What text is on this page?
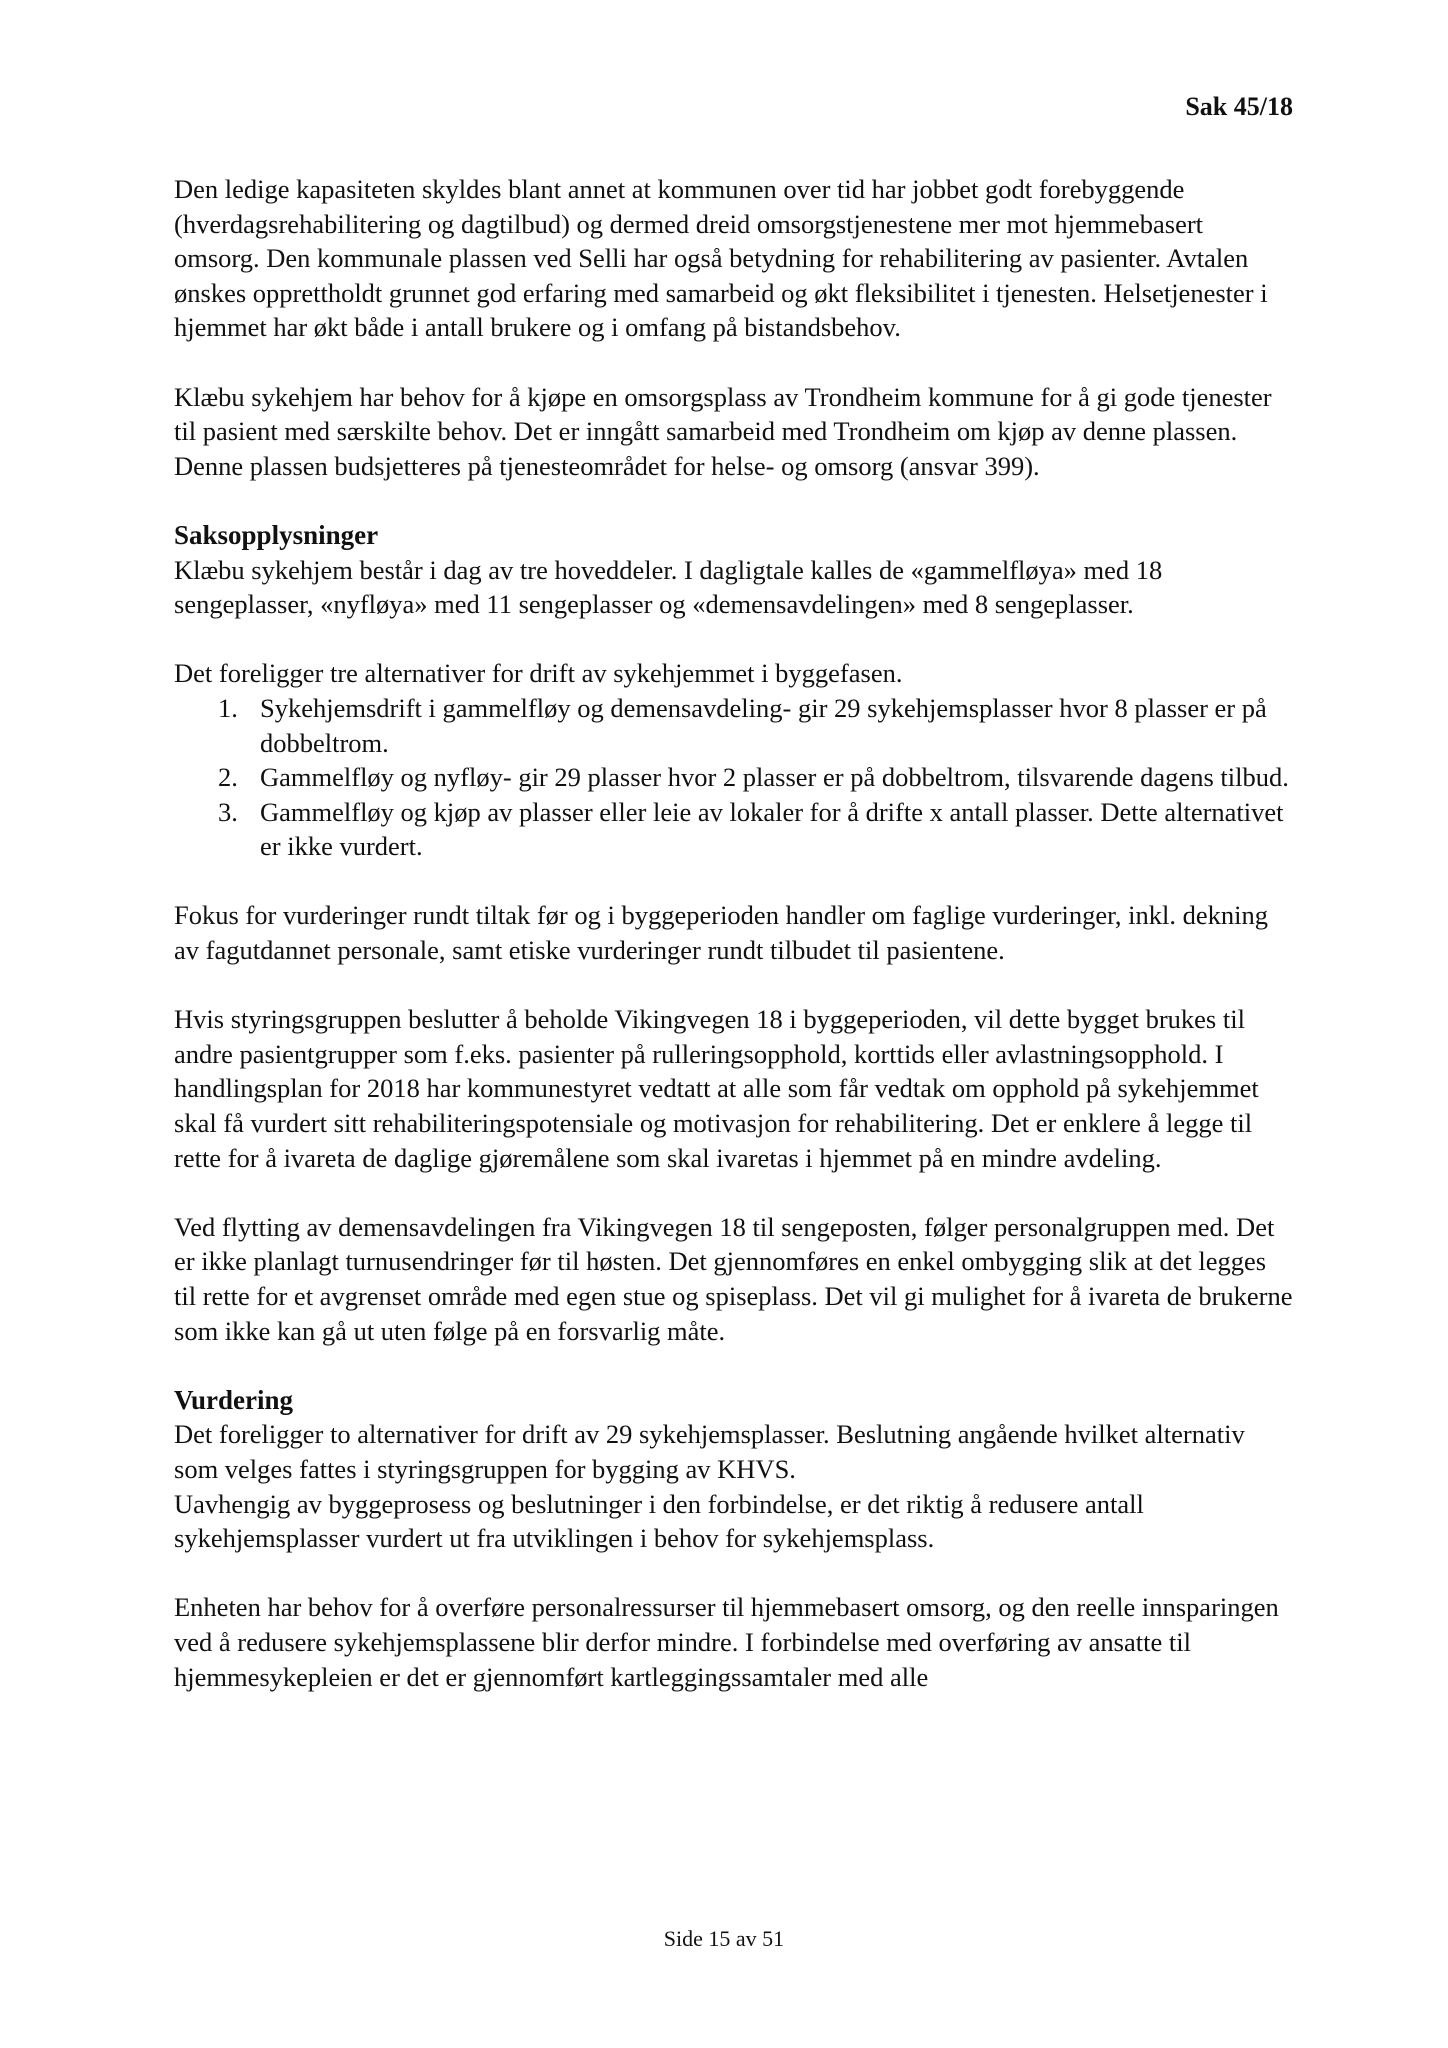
Sak 45/18

Den ledige kapasiteten skyldes blant annet at kommunen over tid har jobbet godt forebyggende (hverdagsrehabilitering og dagtilbud) og dermed dreid omsorgstjenestene mer mot hjemmebasert omsorg. Den kommunale plassen ved Selli har også betydning for rehabilitering av pasienter. Avtalen ønskes opprettholdt grunnet god erfaring med samarbeid og økt fleksibilitet i tjenesten. Helsetjenester i hjemmet har økt både i antall brukere og i omfang på bistandsbehov.

Klæbu sykehjem har behov for å kjøpe en omsorgsplass av Trondheim kommune for å gi gode tjenester til pasient med særskilte behov. Det er inngått samarbeid med Trondheim om kjøp av denne plassen. Denne plassen budsjetteres på tjenesteområdet for helse- og omsorg (ansvar 399).

Saksopplysninger

Klæbu sykehjem består i dag av tre hoveddeler. I dagligtale kalles de «gammelfløya» med 18 sengeplasser, «nyfløya» med 11 sengeplasser og «demensavdelingen» med 8 sengeplasser.

Det foreligger tre alternativer for drift av sykehjemmet i byggefasen.

1. Sykehjemsdrift i gammelfløy og demensavdeling- gir 29 sykehjemsplasser hvor 8 plasser er på dobbeltrom.
2. Gammelfløy og nyfløy- gir 29 plasser hvor 2 plasser er på dobbeltrom, tilsvarende dagens tilbud.
3. Gammelfløy og kjøp av plasser eller leie av lokaler for å drifte x antall plasser. Dette alternativet er ikke vurdert.

Fokus for vurderinger rundt tiltak før og i byggeperioden handler om faglige vurderinger, inkl. dekning av fagutdannet personale, samt etiske vurderinger rundt tilbudet til pasientene.

Hvis styringsgruppen beslutter å beholde Vikingvegen 18 i byggeperioden, vil dette bygget brukes til andre pasientgrupper som f.eks. pasienter på rulleringsopphold, korttids eller avlastningsopphold. I handlingsplan for 2018 har kommunestyret vedtatt at alle som får vedtak om opphold på sykehjemmet skal få vurdert sitt rehabiliteringspotensiale og motivasjon for rehabilitering. Det er enklere å legge til rette for å ivareta de daglige gjøremålene som skal ivaretas i hjemmet på en mindre avdeling.

Ved flytting av demensavdelingen fra Vikingvegen 18 til sengeposten, følger personalgruppen med. Det er ikke planlagt turnusendringer før til høsten. Det gjennomføres en enkel ombygging slik at det legges til rette for et avgrenset område med egen stue og spiseplass. Det vil gi mulighet for å ivareta de brukerne som ikke kan gå ut uten følge på en forsvarlig måte.

Vurdering

Det foreligger to alternativer for drift av 29 sykehjemsplasser. Beslutning angående hvilket alternativ som velges fattes i styringsgruppen for bygging av KHVS.

Uavhengig av byggeprosess og beslutninger i den forbindelse, er det riktig å redusere antall sykehjemsplasser vurdert ut fra utviklingen i behov for sykehjemsplass.

Enheten har behov for å overføre personalressurser til hjemmebasert omsorg, og den reelle innsparingen ved å redusere sykehjemsplassene blir derfor mindre. I forbindelse med overføring av ansatte til hjemmesykepleien er det er gjennomført kartleggingssamtaler med alle

Side 15 av 51
